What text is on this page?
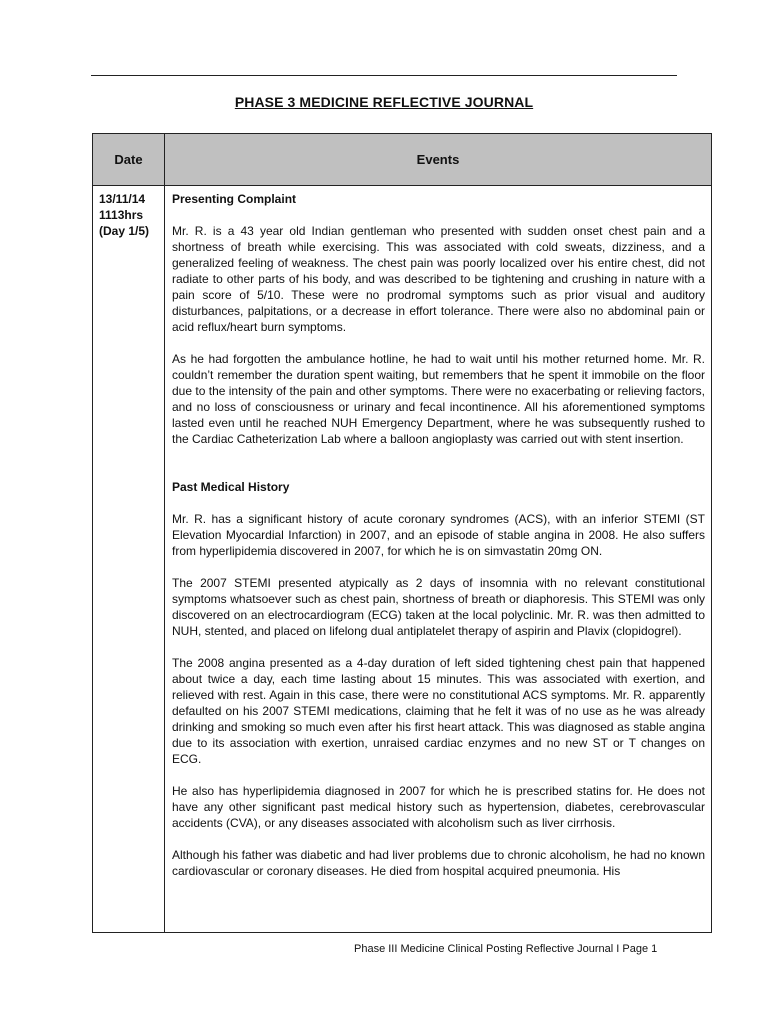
PHASE 3 MEDICINE REFLECTIVE JOURNAL
Date	Events
13/11/14
1113hrs
(Day 1/5)

Presenting Complaint

Mr. R. is a 43 year old Indian gentleman who presented with sudden onset chest pain and a shortness of breath while exercising. This was associated with cold sweats, dizziness, and a generalized feeling of weakness. The chest pain was poorly localized over his entire chest, did not radiate to other parts of his body, and was described to be tightening and crushing in nature with a pain score of 5/10. These were no prodromal symptoms such as prior visual and auditory disturbances, palpitations, or a decrease in effort tolerance. There were also no abdominal pain or acid reflux/heart burn symptoms.

As he had forgotten the ambulance hotline, he had to wait until his mother returned home. Mr. R. couldn’t remember the duration spent waiting, but remembers that he spent it immobile on the floor due to the intensity of the pain and other symptoms. There were no exacerbating or relieving factors, and no loss of consciousness or urinary and fecal incontinence. All his aforementioned symptoms lasted even until he reached NUH Emergency Department, where he was subsequently rushed to the Cardiac Catheterization Lab where a balloon angioplasty was carried out with stent insertion.

Past Medical History

Mr. R. has a significant history of acute coronary syndromes (ACS), with an inferior STEMI (ST Elevation Myocardial Infarction) in 2007, and an episode of stable angina in 2008. He also suffers from hyperlipidemia discovered in 2007, for which he is on simvastatin 20mg ON.

The 2007 STEMI presented atypically as 2 days of insomnia with no relevant constitutional symptoms whatsoever such as chest pain, shortness of breath or diaphoresis. This STEMI was only discovered on an electrocardiogram (ECG) taken at the local polyclinic. Mr. R. was then admitted to NUH, stented, and placed on lifelong dual antiplatelet therapy of aspirin and Plavix (clopidogrel).

The 2008 angina presented as a 4-day duration of left sided tightening chest pain that happened about twice a day, each time lasting about 15 minutes. This was associated with exertion, and relieved with rest. Again in this case, there were no constitutional ACS symptoms. Mr. R. apparently defaulted on his 2007 STEMI medications, claiming that he felt it was of no use as he was already drinking and smoking so much even after his first heart attack. This was diagnosed as stable angina due to its association with exertion, unraised cardiac enzymes and no new ST or T changes on ECG.

He also has hyperlipidemia diagnosed in 2007 for which he is prescribed statins for. He does not have any other significant past medical history such as hypertension, diabetes, cerebrovascular accidents (CVA), or any diseases associated with alcoholism such as liver cirrhosis.

Although his father was diabetic and had liver problems due to chronic alcoholism, he had no known cardiovascular or coronary diseases. He died from hospital acquired pneumonia. His

Phase III Medicine Clinical Posting Reflective Journal I Page 1
